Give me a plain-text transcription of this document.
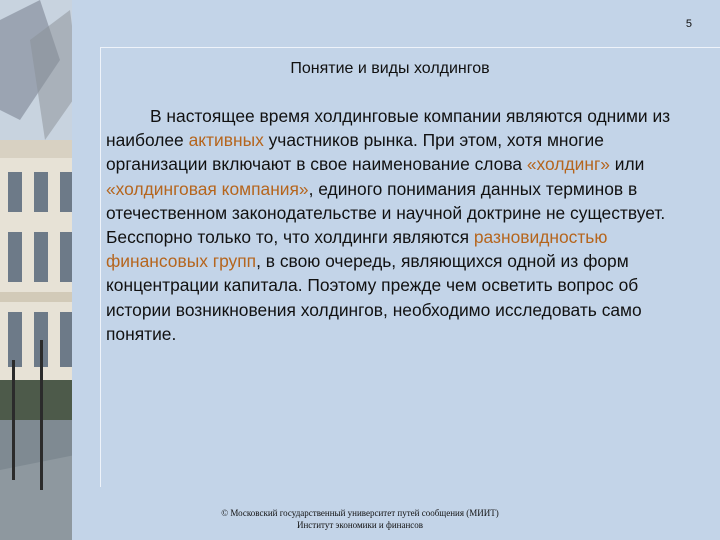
5
Понятие и виды холдингов
В настоящее время холдинговые компании являются одними из наиболее активных участников рынка. При этом, хотя многие организации включают в свое наименование слова «холдинг» или «холдинговая компания», единого понимания данных терминов в отечественном законодательстве и научной доктрине не существует. Бесспорно только то, что холдинги являются разновидностью финансовых групп, в свою очередь, являющихся одной из форм концентрации капитала. Поэтому прежде чем осветить вопрос об истории возникновения холдингов, необходимо исследовать само понятие.
© Московский государственный университет путей сообщения (МИИТ)
Институт экономики и финансов
